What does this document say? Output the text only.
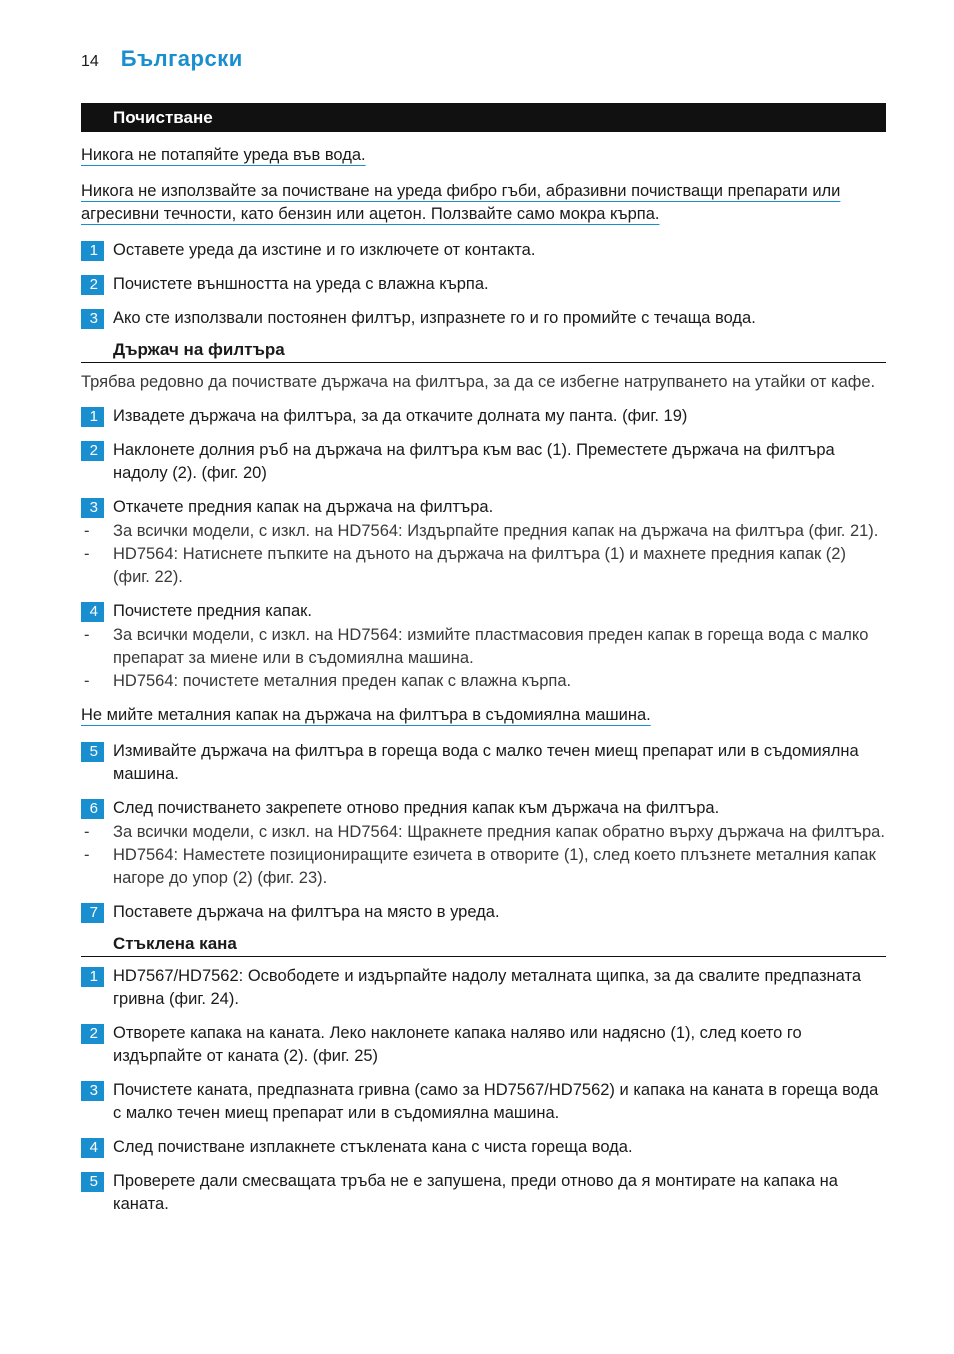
14 Български
Почистване

Никога не потапяйте уреда във вода.

Никога не използвайте за почистване на уреда фибро гъби, абразивни почистващи препарати или агресивни течности, като бензин или ацетон. Ползвайте само мокра кърпа.

1 Оставете уреда да изстине и го изключете от контакта.
2 Почистете външността на уреда с влажна кърпа.
3 Ако сте използвали постоянен филтър, изпразнете го и го промийте с течаща вода.
Държач на филтъра

Трябва редовно да почиствате държача на филтъра, за да се избегне натрупването на утайки от кафе.

1 Извадете държача на филтъра, за да откачите долната му панта. (фиг. 19)
2 Наклонете долния ръб на държача на филтъра към вас (1). Преместете държача на филтъра надолу (2). (фиг. 20)
3 Откачете предния капак на държача на филтъра.
-	За всички модели, с изкл. на HD7564: Издърпайте предния капак на държача на филтъра (фиг. 21).
-	HD7564: Натиснете пъпките на дъното на държача на филтъра (1) и махнете предния капак (2) (фиг. 22).
4 Почистете предния капак.
-	За всички модели, с изкл. на HD7564: измийте пластмасовия преден капак в гореща вода с малко препарат за миене или в съдомиялна машина.
-	HD7564: почистете металния преден капак с влажна кърпа.

Не мийте металния капак на държача на филтъра в съдомиялна машина.

5 Измивайте държача на филтъра в гореща вода с малко течен миещ препарат или в съдомиялна машина.
6 След почистването закрепете отново предния капак към държача на филтъра.
-	За всички модели, с изкл. на HD7564: Щракнете предния капак обратно върху държача на филтъра.
-	HD7564: Наместете позициониращите езичета в отворите (1), след което плъзнете металния капак нагоре до упор (2) (фиг. 23).
7 Поставете държача на филтъра на място в уреда.
Стъклена кана
1 HD7567/HD7562: Освободете и издърпайте надолу металната щипка, за да свалите предпазната гривна (фиг. 24).
2 Отворете капака на каната. Леко наклонете капака наляво или надясно (1), след което го издърпайте от каната (2). (фиг. 25)
3 Почистете каната, предпазната гривна (само за HD7567/HD7562) и капака на каната в гореща вода с малко течен миещ препарат или в съдомиялна машина.
4 След почистване изплакнете стъклената кана с чиста гореща вода.
5 Проверете дали смесващата тръба не е запушена, преди отново да я монтирате на капака на каната.
